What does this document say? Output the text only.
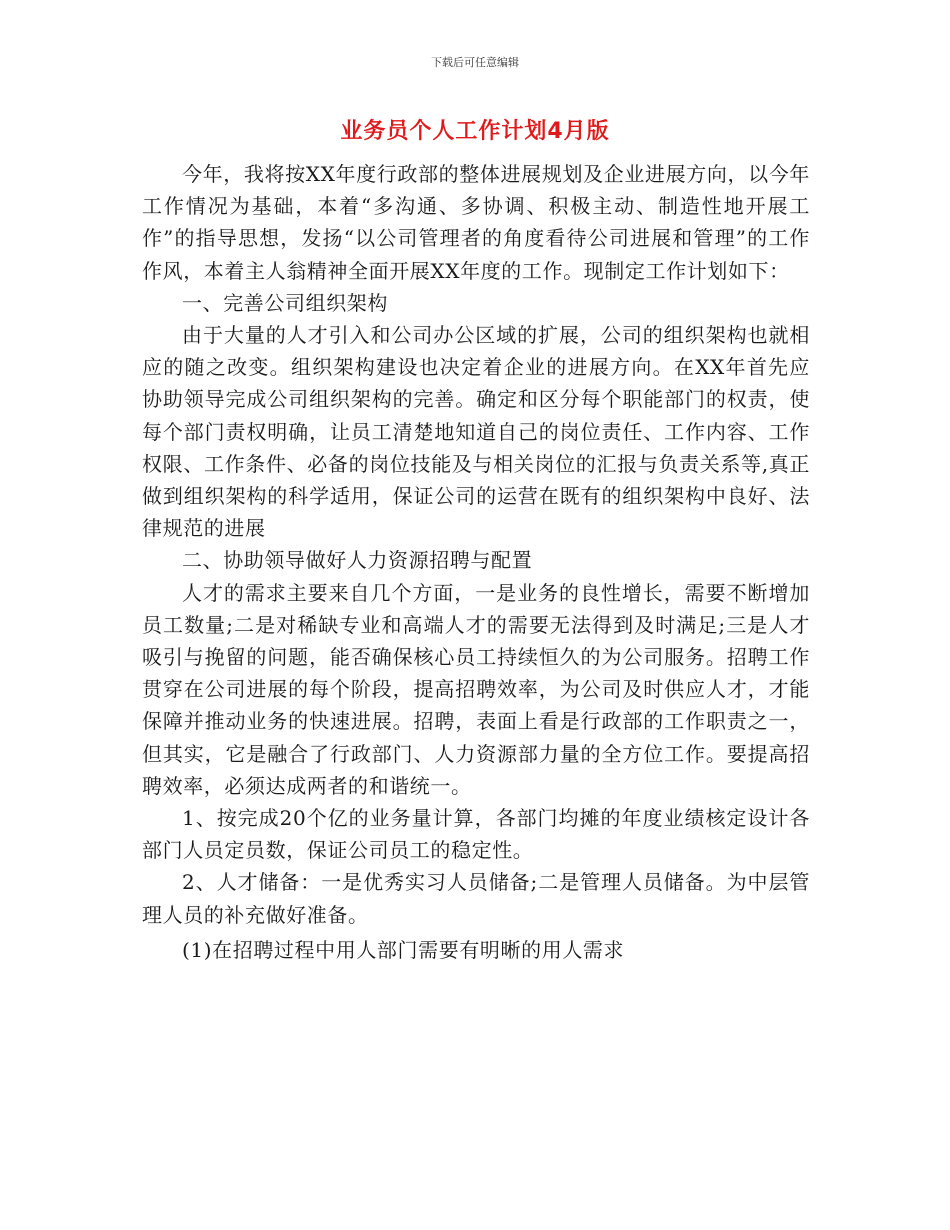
下载后可任意编辑
业务员个人工作计划4月版

今年，我将按XX年度行政部的整体进展规划及企业进展方向，以今年工作情况为基础，本着“多沟通、多协调、积极主动、制造性地开展工作”的指导思想，发扬“以公司管理者的角度看待公司进展和管理”的工作作风，本着主人翁精神全面开展XX年度的工作。现制定工作计划如下：

一、完善公司组织架构

由于大量的人才引入和公司办公区域的扩展，公司的组织架构也就相应的随之改变。组织架构建设也决定着企业的进展方向。在XX年首先应协助领导完成公司组织架构的完善。确定和区分每个职能部门的权责，使每个部门责权明确，让员工清楚地知道自己的岗位责任、工作内容、工作权限、工作条件、必备的岗位技能及与相关岗位的汇报与负责关系等,真正做到组织架构的科学适用，保证公司的运营在既有的组织架构中良好、法律规范的进展

二、协助领导做好人力资源招聘与配置

人才的需求主要来自几个方面，一是业务的良性增长，需要不断增加员工数量;二是对稀缺专业和高端人才的需要无法得到及时满足;三是人才吸引与挽留的问题，能否确保核心员工持续恒久的为公司服务。招聘工作贯穿在公司进展的每个阶段，提高招聘效率，为公司及时供应人才，才能保障并推动业务的快速进展。招聘，表面上看是行政部的工作职责之一，但其实，它是融合了行政部门、人力资源部力量的全方位工作。要提高招聘效率，必须达成两者的和谐统一。

1、按完成20个亿的业务量计算，各部门均摊的年度业绩核定设计各部门人员定员数，保证公司员工的稳定性。

2、人才储备：一是优秀实习人员储备;二是管理人员储备。为中层管理人员的补充做好准备。

(1)在招聘过程中用人部门需要有明晰的用人需求
